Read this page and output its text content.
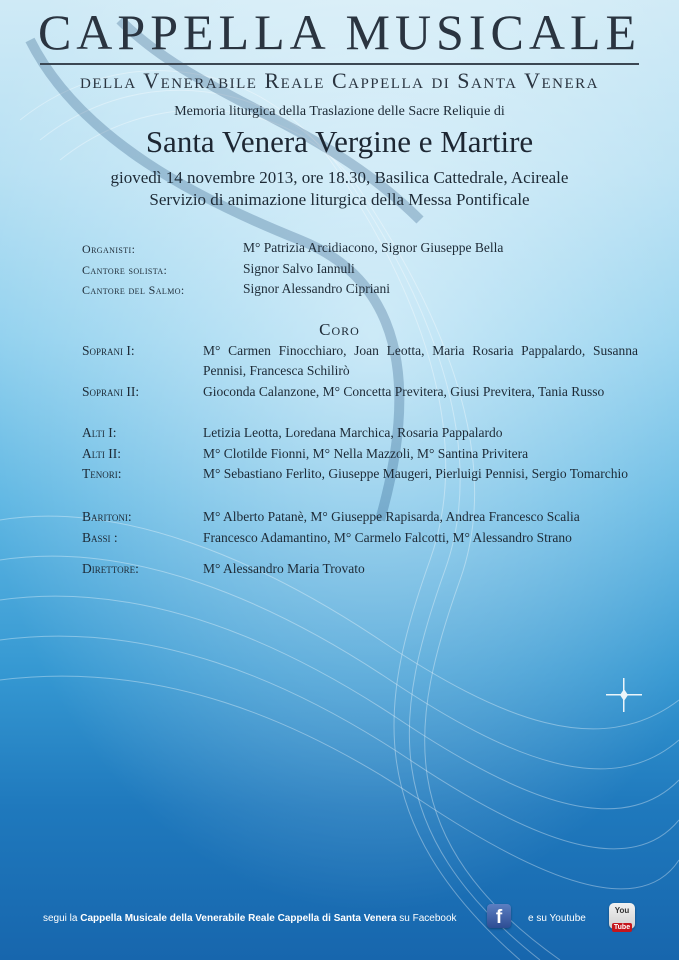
CAPPELLA MUSICALE
della Venerabile Reale Cappella di Santa Venera
Memoria liturgica della Traslazione delle Sacre Reliquie di
Santa Venera Vergine e Martire
giovedì 14 novembre 2013, ore 18.30, Basilica Cattedrale, Acireale
Servizio di animazione liturgica della Messa Pontificale
Organisti:	M° Patrizia Arcidiacono, Signor Giuseppe Bella
Cantore solista:	Signor Salvo Iannuli
Cantore del Salmo:	Signor Alessandro Cipriani
Coro
Soprani I:	M° Carmen Finocchiaro, Joan Leotta, Maria Rosaria Pappalardo, Susanna Pennisi, Francesca Schilirò
Soprani II:	Gioconda Calanzone, M° Concetta Previtera, Giusi Previtera, Tania Russo
Alti I:	Letizia Leotta, Loredana Marchica, Rosaria Pappalardo
Alti II:	M° Clotilde Fionni, M° Nella Mazzoli, M° Santina Privitera
Tenori:	M° Sebastiano Ferlito, Giuseppe Maugeri, Pierluigi Pennisi, Sergio Tomarchio
Baritoni:	M° Alberto Patanè, M° Giuseppe Rapisarda, Andrea Francesco Scalia
Bassi :	Francesco Adamantino, M° Carmelo Falcotti, M° Alessandro Strano
Direttore:	M° Alessandro Maria Trovato
segui la Cappella Musicale della Venerabile Reale Cappella di Santa Venera su Facebook	f	e su Youtube
You
Tube
